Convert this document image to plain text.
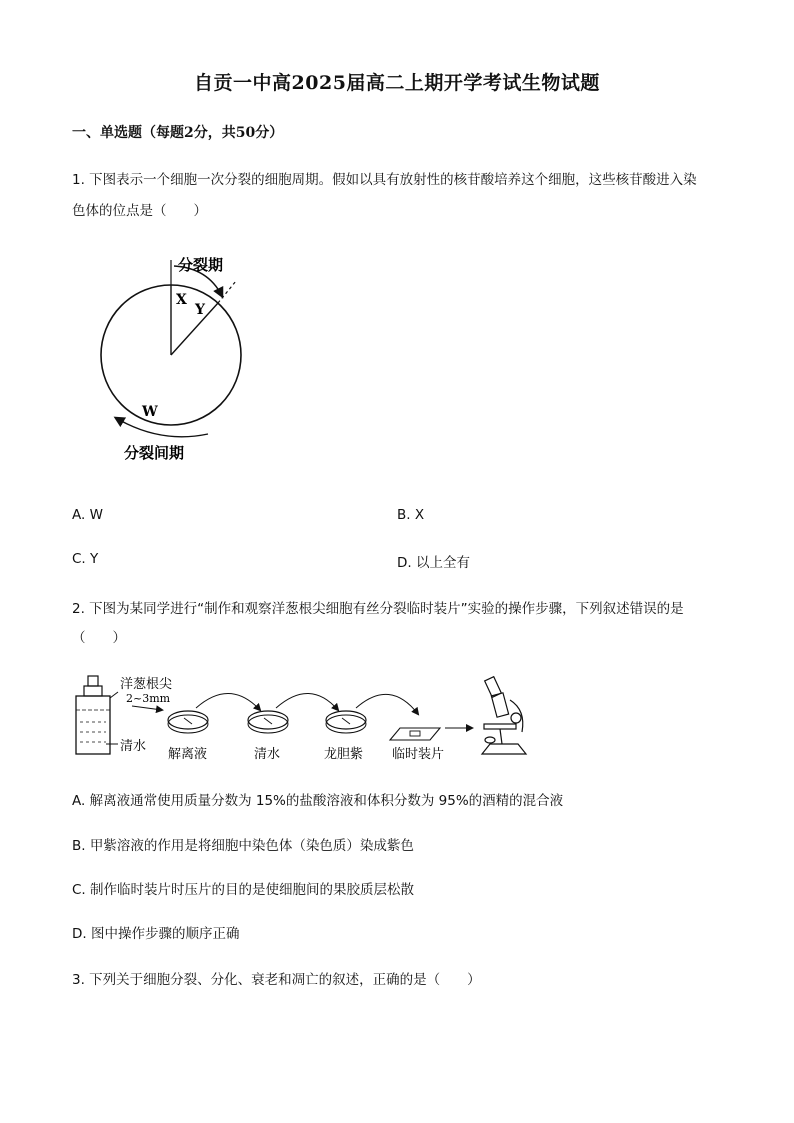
自贡一中高2025届高二上期开学考试生物试题
一、单选题（每题2分，共50分）
1. 下图表示一个细胞一次分裂的细胞周期。假如以具有放射性的核苷酸培养这个细胞，这些核苷酸进入染
色体的位点是（　　）
分裂期
X
Y
W
分裂间期
A. W	B. X
C. Y	D. 以上全有
2. 下图为某同学进行“制作和观察洋葱根尖细胞有丝分裂临时装片”实验的操作步骤，下列叙述错误的是
（　　）
洋葱根尖
2~3mm
清水
解离液	清水	龙胆紫 临时装片
A. 解离液通常使用质量分数为 15%的盐酸溶液和体积分数为 95%的酒精的混合液
B. 甲紫溶液的作用是将细胞中染色体（染色质）染成紫色
C. 制作临时装片时压片的目的是使细胞间的果胶质层松散
D. 图中操作步骤的顺序正确
3. 下列关于细胞分裂、分化、衰老和凋亡的叙述，正确的是（　　）
